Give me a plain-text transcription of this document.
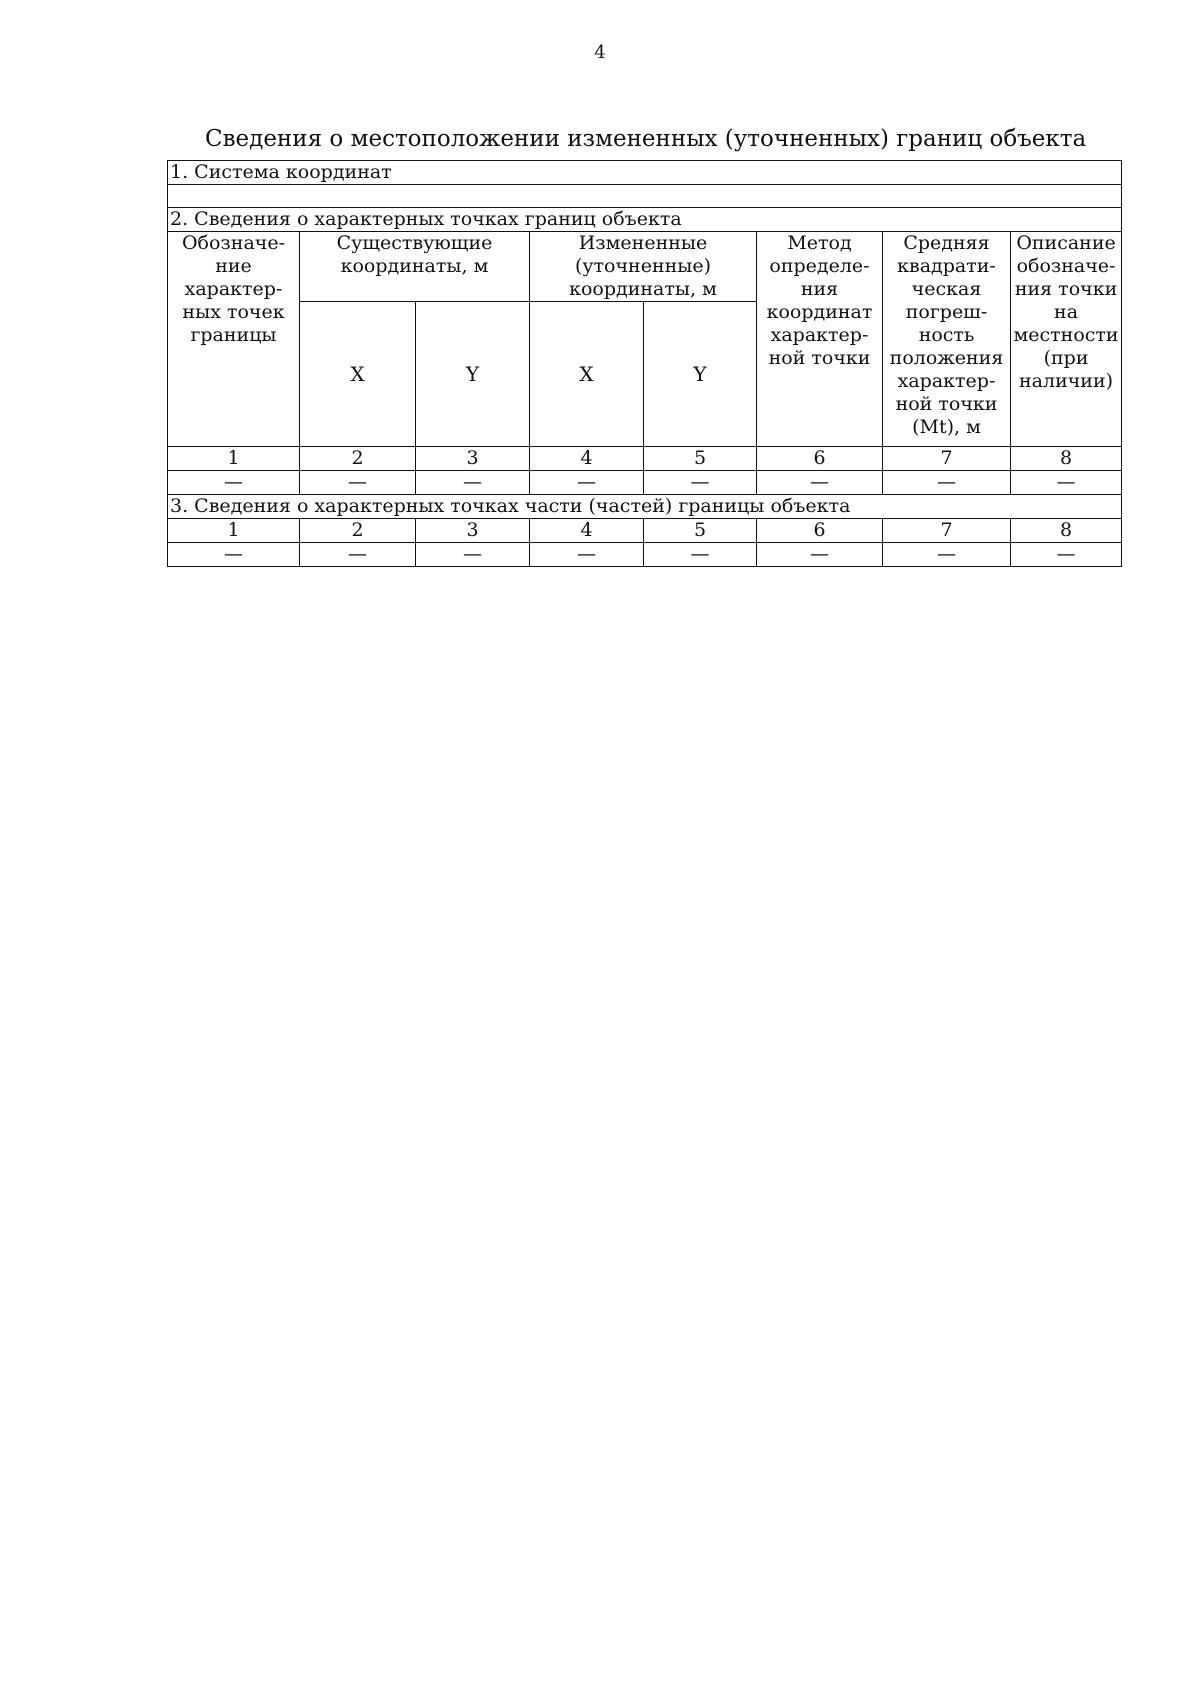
4
Сведения о местоположении измененных (уточненных) границ объекта
1. Система координат							

2. Сведения о характерных точках границ объекта							
Обозначе- ние характер- ных точек границы	Существующие координаты, м		Измененные (уточненные) координаты, м		Метод определе- ния координат характер- ной точки	Средняя квадрати- ческая погреш- ность положения характер- ной точки (Mt), м	Описание обозначе- ния точки на местности (при наличии)
	X	Y	X	Y			
1	2	3	4	5	6	7	8
—	—	—	—	—	—	—	—
3. Сведения о характерных точках части (частей) границы объекта							
1	2	3	4	5	6	7	8
—	—	—	—	—	—	—	—
